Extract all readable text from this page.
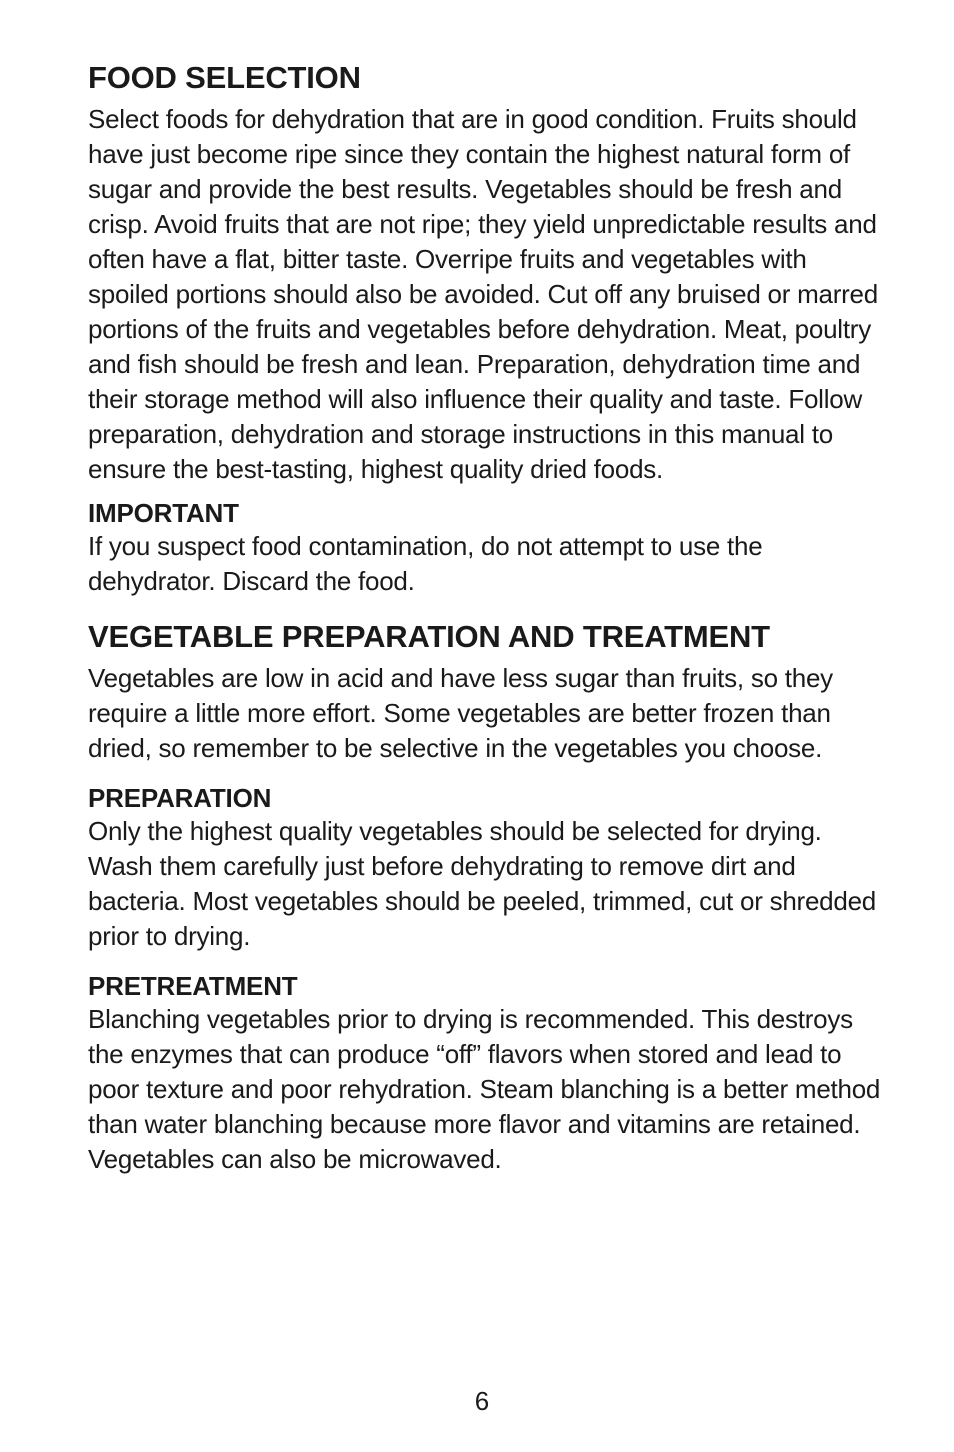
FOOD SELECTION

Select foods for dehydration that are in good condition. Fruits should have just become ripe since they contain the highest natural form of sugar and provide the best results. Vegetables should be fresh and crisp. Avoid fruits that are not ripe; they yield unpredictable results and often have a flat, bitter taste. Overripe fruits and vegetables with spoiled portions should also be avoided. Cut off any bruised or marred portions of the fruits and vegetables before dehydration. Meat, poultry and fish should be fresh and lean. Preparation, dehydration time and their storage method will also influence their quality and taste. Follow preparation, dehydration and storage instructions in this manual to ensure the best-tasting, highest quality dried foods.

IMPORTANT

If you suspect food contamination, do not attempt to use the dehydrator. Discard the food.

VEGETABLE PREPARATION AND TREATMENT

Vegetables are low in acid and have less sugar than fruits, so they require a little more effort. Some vegetables are better frozen than dried, so remember to be selective in the vegetables you choose.

PREPARATION

Only the highest quality vegetables should be selected for drying. Wash them carefully just before dehydrating to remove dirt and bacteria. Most vegetables should be peeled, trimmed, cut or shredded prior to drying.

PRETREATMENT

Blanching vegetables prior to drying is recommended. This destroys the enzymes that can produce “off” flavors when stored and lead to poor texture and poor rehydration. Steam blanching is a better method than water blanching because more flavor and vitamins are retained. Vegetables can also be microwaved.

6
